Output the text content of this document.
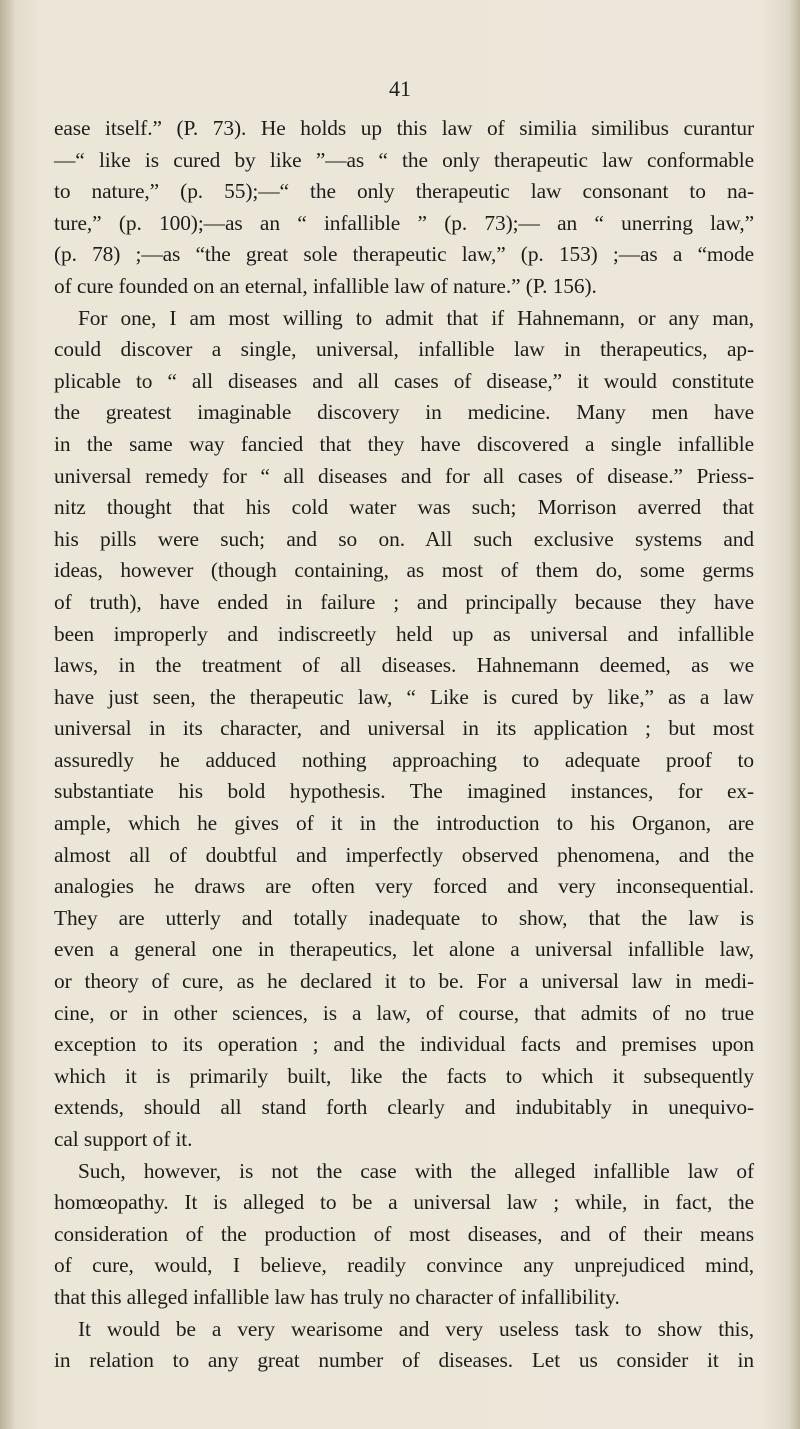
41
ease itself.” (P. 73). He holds up this law of similia similibus curantur
—“ like is cured by like ”—as “ the only therapeutic law conformable
to nature,” (p. 55);—“ the only therapeutic law consonant to na-
ture,” (p. 100);—as an “ infallible ” (p. 73);— an “ unerring law,”
(p. 78) ;—as “the great sole therapeutic law,” (p. 153) ;—as a “mode
of cure founded on an eternal, infallible law of nature.” (P. 156).
For one, I am most willing to admit that if Hahnemann, or any man,
could discover a single, universal, infallible law in therapeutics, ap-
plicable to “ all diseases and all cases of disease,” it would constitute
the greatest imaginable discovery in medicine. Many men have
in the same way fancied that they have discovered a single infallible
universal remedy for “ all diseases and for all cases of disease.” Priess-
nitz thought that his cold water was such; Morrison averred that
his pills were such; and so on. All such exclusive systems and
ideas, however (though containing, as most of them do, some germs
of truth), have ended in failure ; and principally because they have
been improperly and indiscreetly held up as universal and infallible
laws, in the treatment of all diseases. Hahnemann deemed, as we
have just seen, the therapeutic law, “ Like is cured by like,” as a law
universal in its character, and universal in its application ; but most
assuredly he adduced nothing approaching to adequate proof to
substantiate his bold hypothesis. The imagined instances, for ex-
ample, which he gives of it in the introduction to his Organon, are
almost all of doubtful and imperfectly observed phenomena, and the
analogies he draws are often very forced and very inconsequential.
They are utterly and totally inadequate to show, that the law is
even a general one in therapeutics, let alone a universal infallible law,
or theory of cure, as he declared it to be. For a universal law in medi-
cine, or in other sciences, is a law, of course, that admits of no true
exception to its operation ; and the individual facts and premises upon
which it is primarily built, like the facts to which it subsequently
extends, should all stand forth clearly and indubitably in unequivo-
cal support of it.
Such, however, is not the case with the alleged infallible law of
homœopathy. It is alleged to be a universal law ; while, in fact, the
consideration of the production of most diseases, and of their means
of cure, would, I believe, readily convince any unprejudiced mind,
that this alleged infallible law has truly no character of infallibility.
It would be a very wearisome and very useless task to show this,
in relation to any great number of diseases. Let us consider it in
